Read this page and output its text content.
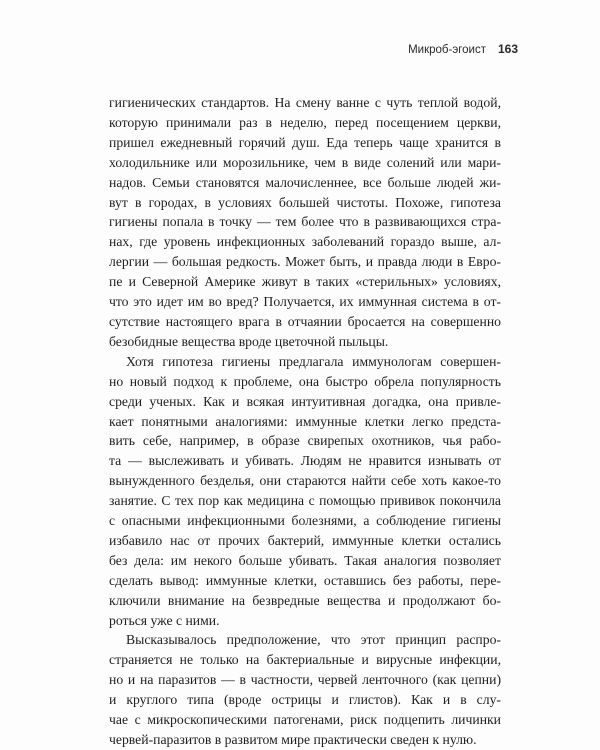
Микроб-эгоист 163
гигиенических стандартов. На смену ванне с чуть теплой водой,
которую принимали раз в неделю, перед посещением церкви,
пришел ежедневный горячий душ. Еда теперь чаще хранится в
холодильнике или морозильнике, чем в виде солений или мари-
надов. Семьи становятся малочисленнее, все больше людей жи-
вут в городах, в условиях большей чистоты. Похоже, гипотеза
гигиены попала в точку — тем более что в развивающихся стра-
нах, где уровень инфекционных заболеваний гораздо выше, ал-
лергии — большая редкость. Может быть, и правда люди в Евро-
пе и Северной Америке живут в таких «стерильных» условиях,
что это идет им во вред? Получается, их иммунная система в от-
сутствие настоящего врага в отчаянии бросается на совершенно
безобидные вещества вроде цветочной пыльцы.
Хотя гипотеза гигиены предлагала иммунологам совершен-
но новый подход к проблеме, она быстро обрела популярность
среди ученых. Как и всякая интуитивная догадка, она привле-
кает понятными аналогиями: иммунные клетки легко предста-
вить себе, например, в образе свирепых охотников, чья рабо-
та — выслеживать и убивать. Людям не нравится изнывать от
вынужденного безделья, они стараются найти себе хоть какое-то
занятие. С тех пор как медицина с помощью прививок покончила
с опасными инфекционными болезнями, а соблюдение гигиены
избавило нас от прочих бактерий, иммунные клетки остались
без дела: им некого больше убивать. Такая аналогия позволяет
сделать вывод: иммунные клетки, оставшись без работы, пере-
ключили внимание на безвредные вещества и продолжают бо-
роться уже с ними.
Высказывалось предположение, что этот принцип распро-
страняется не только на бактериальные и вирусные инфекции,
но и на паразитов — в частности, червей ленточного (как цепни)
и круглого типа (вроде острицы и глистов). Как и в слу-
чае с микроскопическими патогенами, риск подцепить личинки
червей-паразитов в развитом мире практически сведен к нулю.
